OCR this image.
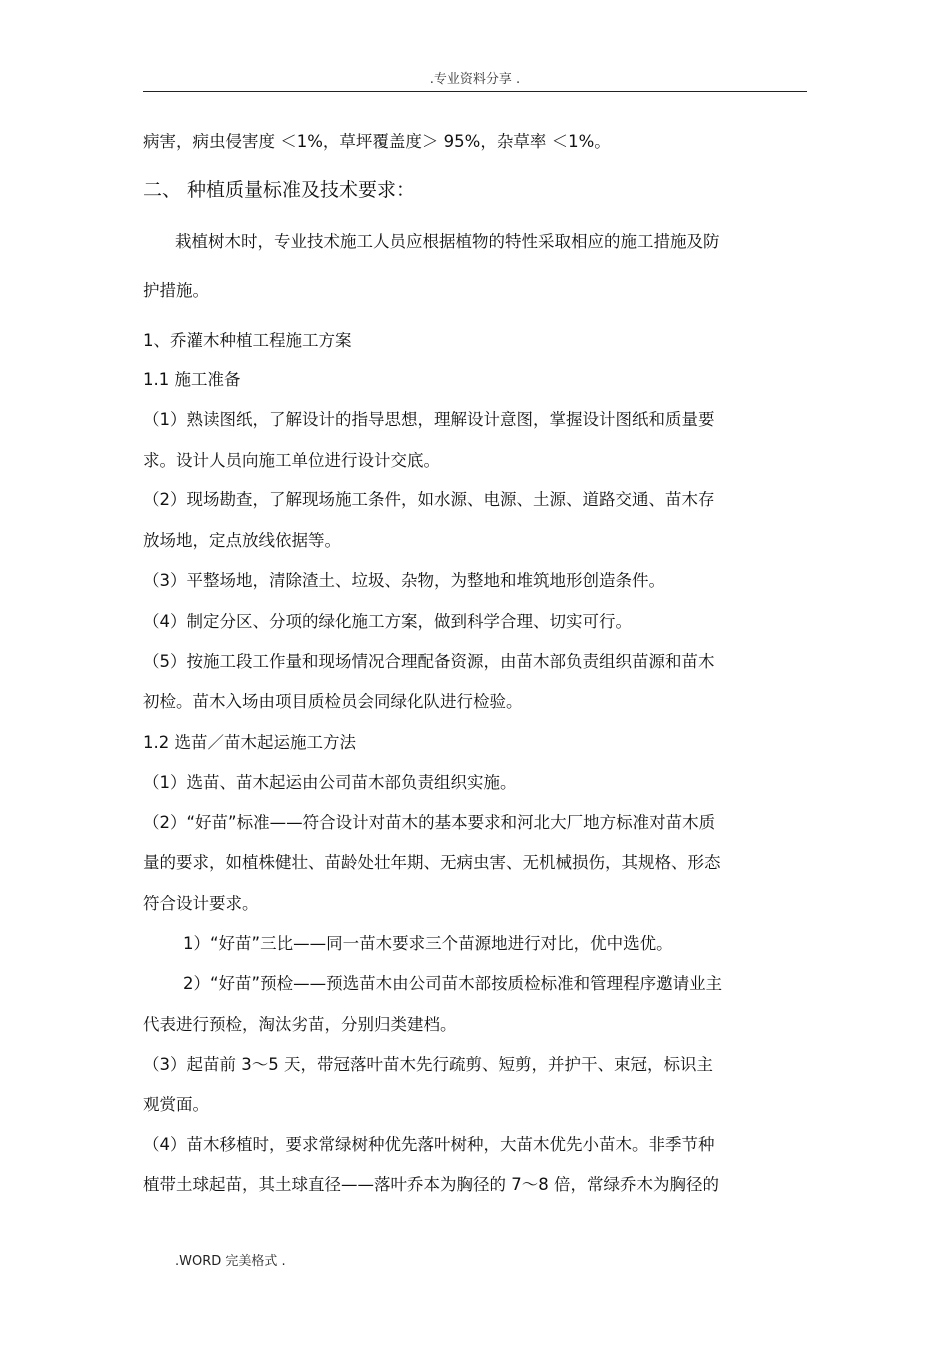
.专业资料分享 .
病害，病虫侵害度 ＜1%，草坪覆盖度＞ 95%，杂草率 ＜1%。
二、 种植质量标准及技术要求：
栽植树木时，专业技术施工人员应根据植物的特性采取相应的施工措施及防
护措施。
1、乔灌木种植工程施工方案
1.1 施工准备
（1）熟读图纸，了解设计的指导思想，理解设计意图，掌握设计图纸和质量要
求。设计人员向施工单位进行设计交底。
（2）现场勘查，了解现场施工条件，如水源、电源、土源、道路交通、苗木存
放场地，定点放线依据等。
（3）平整场地，清除渣土、垃圾、杂物，为整地和堆筑地形创造条件。
（4）制定分区、分项的绿化施工方案，做到科学合理、切实可行。
（5）按施工段工作量和现场情况合理配备资源，由苗木部负责组织苗源和苗木
初检。苗木入场由项目质检员会同绿化队进行检验。
1.2 选苗／苗木起运施工方法
（1）选苗、苗木起运由公司苗木部负责组织实施。
（2）“好苗”标准——符合设计对苗木的基本要求和河北大厂地方标准对苗木质
量的要求，如植株健壮、苗龄处壮年期、无病虫害、无机械损伤，其规格、形态
符合设计要求。
1）“好苗”三比——同一苗木要求三个苗源地进行对比，优中选优。
2）“好苗”预检——预选苗木由公司苗木部按质检标准和管理程序邀请业主
代表进行预检，淘汰劣苗，分别归类建档。
（3）起苗前 3～5 天，带冠落叶苗木先行疏剪、短剪，并护干、束冠，标识主
观赏面。
（4）苗木移植时，要求常绿树种优先落叶树种，大苗木优先小苗木。非季节种
植带土球起苗，其土球直径——落叶乔本为胸径的 7～8 倍，常绿乔木为胸径的
.WORD 完美格式 .
